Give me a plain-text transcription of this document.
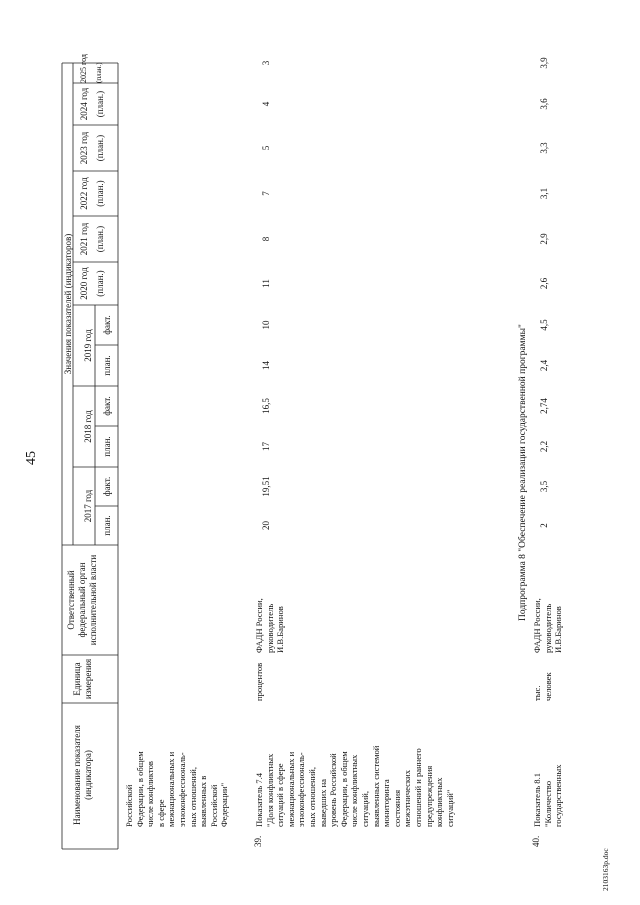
45
Наименование показателя
(индикатора)
Единица
измерения
Ответственный
федеральный орган
исполнительной власти
Значения показателей (индикаторов)
2017 год
2018 год
2019 год
2020 год
2021 год
2022 год
2023 год
2024 год
2025 год
план.
факт.
план.
факт.
план.
факт.
(план.)
(план.)
(план.)
(план.)
(план.)
(план.)
Российской
Федерации, в общем
числе конфликтов
в сфере
межнациональных и
этноконфессиональ-
ных отношений,
выявленных в
Российской
Федерации"
39.
Показатель 7.4
"Доля конфликтных
ситуаций в сфере
межнациональных и
этноконфессиональ-
ных отношений,
выведших на
уровень Российской
Федерации, в общем
числе конфликтных
ситуаций,
выявленных системой
мониторинга
состояния
межэтнических
отношений и раннего
предупреждения
конфликтных
ситуаций"
процентов
ФАДН России,
руководитель
И.В.Баринов
20
19,51
17
16,5
14
10
11
8
7
5
4
3
Подпрограмма 8 "Обеспечение реализации государственной программы"
40.
Показатель 8.1
"Количество
государственных
тыс.
человек
ФАДН России,
руководитель
И.В.Баринов
2
3,5
2,2
2,74
2,4
4,5
2,6
2,9
3,1
3,3
3,6
3,9
2103163р.doc
